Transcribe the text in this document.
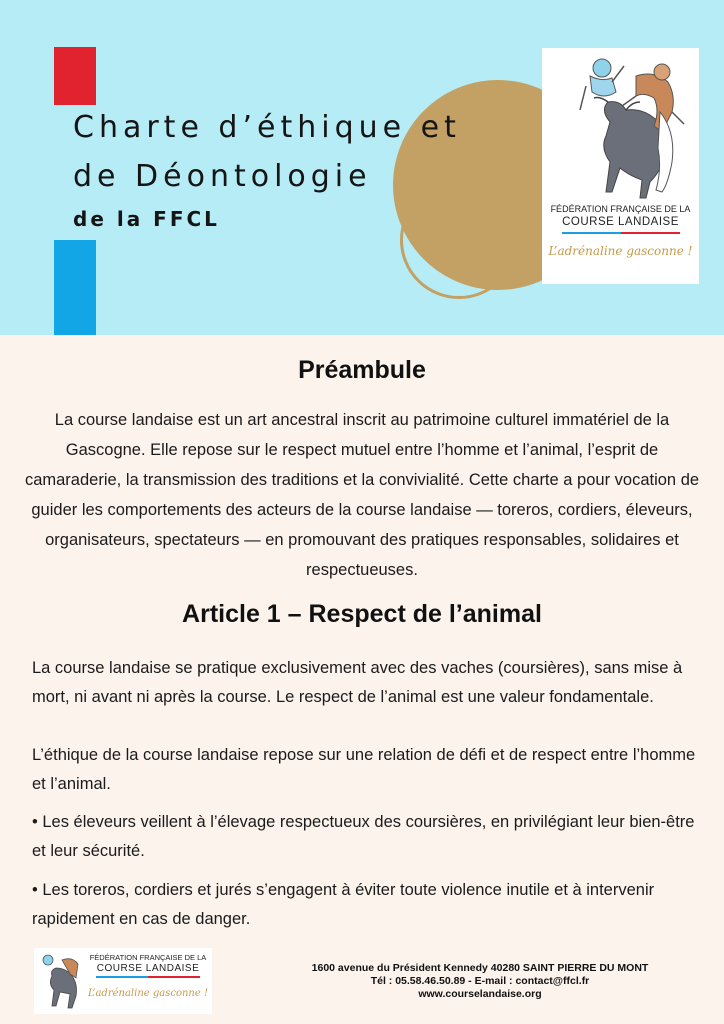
Charte d’éthique et
de Déontologie
de la FFCL	FÉDÉRATION FRANÇAISE DE LA
COURSE LANDAISE
L’adrénaline gasconne !
Préambule
La course landaise est un art ancestral inscrit au patrimoine culturel immatériel de la Gascogne. Elle repose sur le respect mutuel entre l’homme et l’animal, l’esprit de camaraderie, la transmission des traditions et la convivialité. Cette charte a pour vocation de guider les comportements des acteurs de la course landaise — toreros, cordiers, éleveurs, organisateurs, spectateurs — en promouvant des pratiques responsables, solidaires et respectueuses.
Article 1 – Respect de l’animal
La course landaise se pratique exclusivement avec des vaches (coursières), sans mise à mort, ni avant ni après la course. Le respect de l’animal est une valeur fondamentale.
L’éthique de la course landaise repose sur une relation de défi et de respect entre l’homme et l’animal.
• Les éleveurs veillent à l’élevage respectueux des coursières, en privilégiant leur bien-être et leur sécurité.
• Les toreros, cordiers et jurés s’engagent à éviter toute violence inutile et à intervenir rapidement en cas de danger.
FÉDÉRATION FRANÇAISE DE LA
COURSE LANDAISE
L’adrénaline gasconne !
1600 avenue du Président Kennedy 40280 SAINT PIERRE DU MONT
Tél : 05.58.46.50.89 - E-mail : contact@ffcl.fr
www.courselandaise.org
